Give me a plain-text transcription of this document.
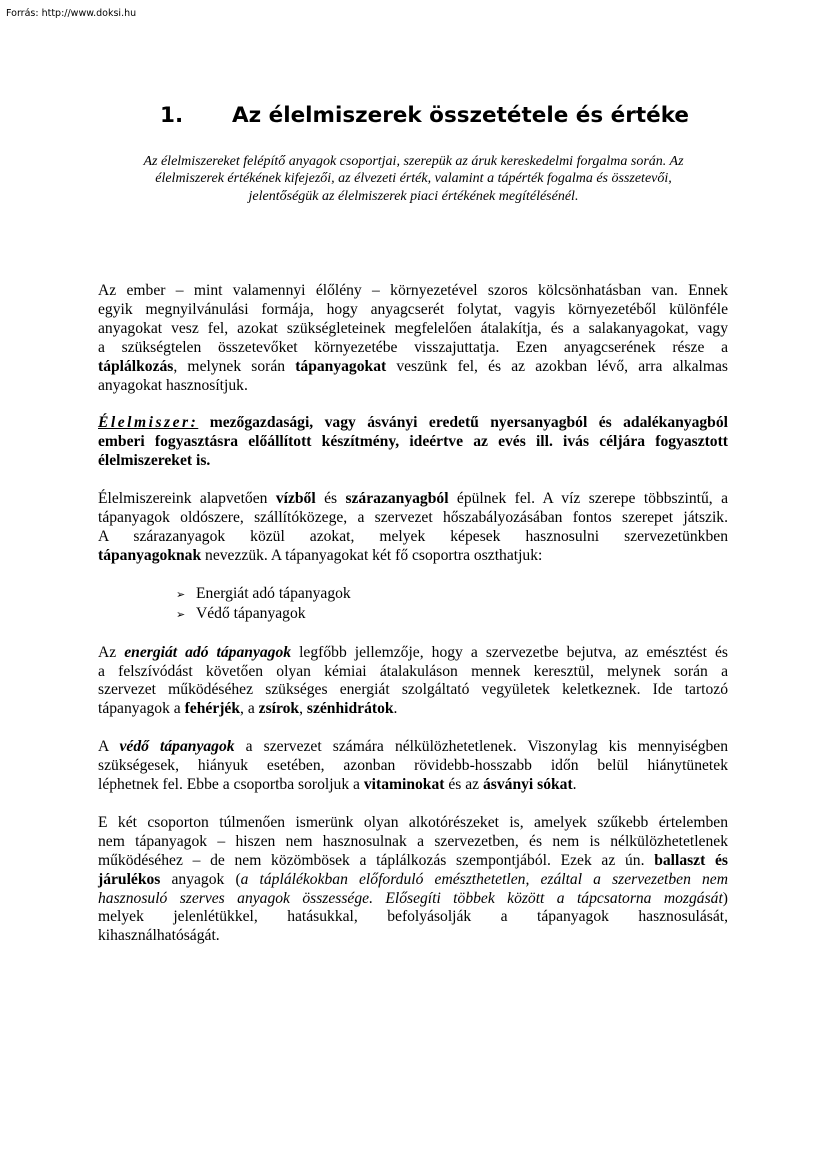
Forrás: http://www.doksi.hu
1. Az élelmiszerek összetétele és értéke
Az élelmiszereket felépítő anyagok csoportjai, szerepük az áruk kereskedelmi forgalma során. Az
élelmiszerek értékének kifejezői, az élvezeti érték, valamint a tápérték fogalma és összetevői,
jelentőségük az élelmiszerek piaci értékének megítélésénél.

Az ember – mint valamennyi élőlény – környezetével szoros kölcsönhatásban van. Ennek
egyik megnyilvánulási formája, hogy anyagcserét folytat, vagyis környezetéből különféle
anyagokat vesz fel, azokat szükségleteinek megfelelően átalakítja, és a salakanyagokat, vagy
a szükségtelen összetevőket környezetébe visszajuttatja. Ezen anyagcserének része a
táplálkozás, melynek során tápanyagokat veszünk fel, és az azokban lévő, arra alkalmas
anyagokat hasznosítjuk.

Élelmiszer: mezőgazdasági, vagy ásványi eredetű nyersanyagból és adalékanyagból
emberi fogyasztásra előállított készítmény, ideértve az evés ill. ivás céljára fogyasztott
élelmiszereket is.

Élelmiszereink alapvetően vízből és szárazanyagból épülnek fel. A víz szerepe többszintű, a
tápanyagok oldószere, szállítóközege, a szervezet hőszabályozásában fontos szerepet játszik.
A szárazanyagok közül azokat, melyek képesek hasznosulni szervezetünkben
tápanyagoknak nevezzük. A tápanyagokat két fő csoportra oszthatjuk:

➢ Energiát adó tápanyagok
➢ Védő tápanyagok

Az energiát adó tápanyagok legfőbb jellemzője, hogy a szervezetbe bejutva, az emésztést és
a felszívódást követően olyan kémiai átalakuláson mennek keresztül, melynek során a
szervezet működéséhez szükséges energiát szolgáltató vegyületek keletkeznek. Ide tartozó
tápanyagok a fehérjék, a zsírok, szénhidrátok.

A védő tápanyagok a szervezet számára nélkülözhetetlenek. Viszonylag kis mennyiségben
szükségesek, hiányuk esetében, azonban rövidebb-hosszabb időn belül hiánytünetek
léphetnek fel. Ebbe a csoportba soroljuk a vitaminokat és az ásványi sókat.

E két csoporton túlmenően ismerünk olyan alkotórészeket is, amelyek szűkebb értelemben
nem tápanyagok – hiszen nem hasznosulnak a szervezetben, és nem is nélkülözhetetlenek
működéséhez – de nem közömbösek a táplálkozás szempontjából. Ezek az ún. ballaszt és
járulékos anyagok (a táplálékokban előforduló emészthetetlen, ezáltal a szervezetben nem
hasznosuló szerves anyagok összessége. Elősegíti többek között a tápcsatorna mozgását)
melyek jelenlétükkel, hatásukkal, befolyásolják a tápanyagok hasznosulását,
kihasználhatóságát.
